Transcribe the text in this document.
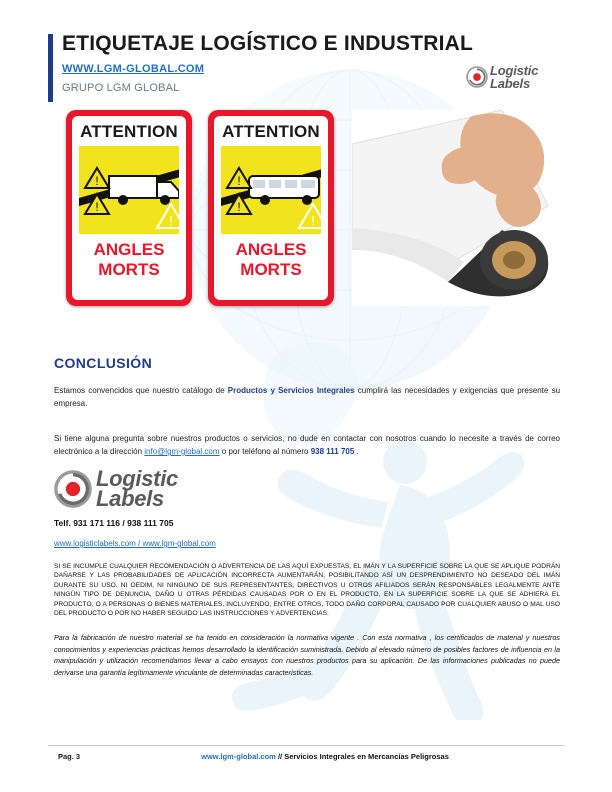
ETIQUETAJE LOGÍSTICO E INDUSTRIAL
WWW.LGM-GLOBAL.COM
GRUPO LGM GLOBAL
Logistic
Labels
ATTENTION
!
!
!
ANGLES
MORTS
ATTENTION
!
!
!
ANGLES
MORTS
CONCLUSIÓN
Estamos convencidos que nuestro catálogo de Productos y Servicios Integrales cumplirá las necesidades y exigencias que presente su empresa.
Si tiene alguna pregunta sobre nuestros productos o servicios, no dude en contactar con nosotros cuando lo necesite a través de correo electrónico a la dirección info@lgm-global.com o por teléfono al número 938 111 705 .
Logistic
Labels
Telf. 931 171 116 / 938 111 705
www.logisticlabels.com / www.lgm-global.com
SI SE INCUMPLE CUALQUIER RECOMENDACIÓN O ADVERTENCIA DE LAS AQUÍ EXPUESTAS, EL IMÁN Y LA SUPERFICIE SOBRE LA QUE SE APLIQUE PODRÁN DAÑARSE Y LAS PROBABILIDADES DE APLICACIÓN INCORRECTA AUMENTARÁN, POSIBILITANDO ASÍ UN DESPRENDIMIENTO NO DESEADO DEL IMÁN DURANTE SU USO. NI OEDIM, NI NINGUNO DE SUS REPRESENTANTES, DIRECTIVOS U OTROS AFILIADOS SERÁN RESPONSABLES LEGALMENTE ANTE NINGÚN TIPO DE DENUNCIA, DAÑO U OTRAS PÉRDIDAS CAUSADAS POR O EN EL PRODUCTO, EN LA SUPERFICIE SOBRE LA QUE SE ADHIERA EL PRODUCTO, O A PERSONAS O BIENES MATERIALES, INCLUYENDO, ENTRE OTROS, TODO DAÑO CORPORAL CAUSADO POR CUALQUIER ABUSO O MAL USO DEL PRODUCTO O POR NO HABER SEGUIDO LAS INSTRUCCIONES Y ADVERTENCIAS.
Para la fabricación de nuestro material se ha tenido en consideración la normativa vigente . Con esta normativa , los certificados de material y nuestros conocimientos y experiencias prácticas hemos desarrollado la identificación suministrada. Debido al elevado número de posibles factores de influencia en la manipulación y utilización recomendamos llevar a cabo ensayos con nuestros productos para su aplicación. De las informaciones publicadas no puede derivarse una garantía legítimamente vinculante de determinadas características.
Pag. 3	www.lgm-global.com // Servicios Integrales en Mercancías Peligrosas
